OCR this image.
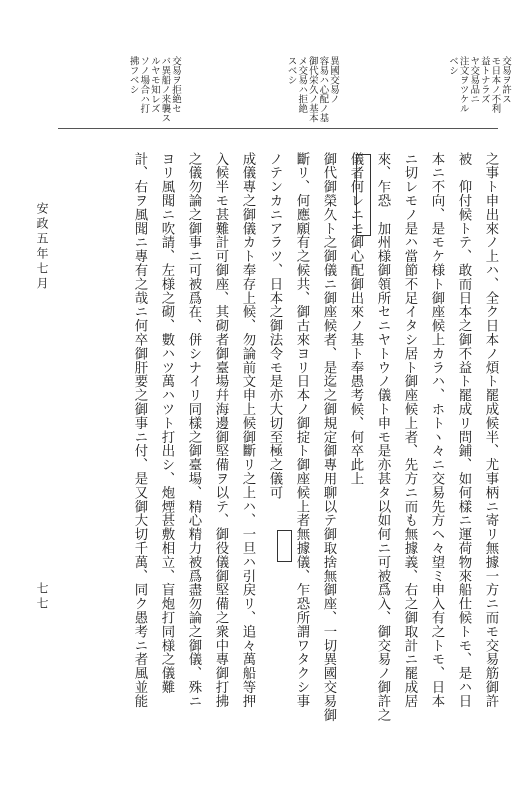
交易ヲ許ス
モ日本ノ不利
益トナラズ
ヤ交易品ニ
注文ヲツケル
ベシ
異國交易ノ
容易ハ心配ノ基
御代栄久ノ基本
メ交易ハ拒絶
スベシ
交易ヲ拒絶セ
バ異船ノ来襲ス
ルヤモ知レズ
ソノ場合ハ打
拂フベシ
之事ト申出來ノ上ハ、全ク日本ノ煩ト罷成候半、尤事柄ニ寄リ無據一方ニ而モ交易筋御許
被　仰付候トテ、敢而日本之御不益ト罷成リ問鋪、如何樣ニ運荷物來船仕候トモ、是ハ日
本ニ不向、是モケ様ト御座候上カラハ、ホトヽ々ニ交易先方ヘ々望ミ申入有之トモ、日本
ニ切レモノ是ハ當節不足イタシ居ト御座候上者、先方ニ而も無據義、右之御取計ニ罷成居
來、乍恐　加州様御領所セニヤトウノ儀ト申モ是亦甚タ以如何ニ可被爲入、御交易ノ御許之
儀者何レニモ御心配御出來ノ基ト奉愚考候、何卒此上
御代御榮久ト之御儀ニ御座候者、是迄之御規定御專用聊以テ御取捨無御座、一切異國交易御
斷リ、何應願有之候共、御古來ヨリ日本ノ御掟ト御座候上者無據儀、乍恐所謂ワタクシ事
ノテンカニアラツ、日本之御法令モ是亦大切至極之儀可
成儀專之御儀カト奉存上候、勿論前文申上候御斷リ之上ハ、一旦ハ引戻リ、追々萬船等押
入候半モ甚難計可御座、其砌者御臺場幷海邊御堅備ヲ以テ、御役儀御堅備之衆中專御打拂
之儀勿論之御事ニ可被爲在、併シナイリ同樣之御臺場、精心精力被爲盡勿論之御儀、殊ニ
ヨリ風聞ニ吹請、左様之砌、數ハツ萬ハツト打出シ、炮煙甚敷相立、盲炮打同様之儀難
計、右ヲ風聞ニ專有之哉ニ何卒御肝要之御事ニ付、是又御大切千萬、同ク愚考ニ者風並能
安政五年七月
七七
